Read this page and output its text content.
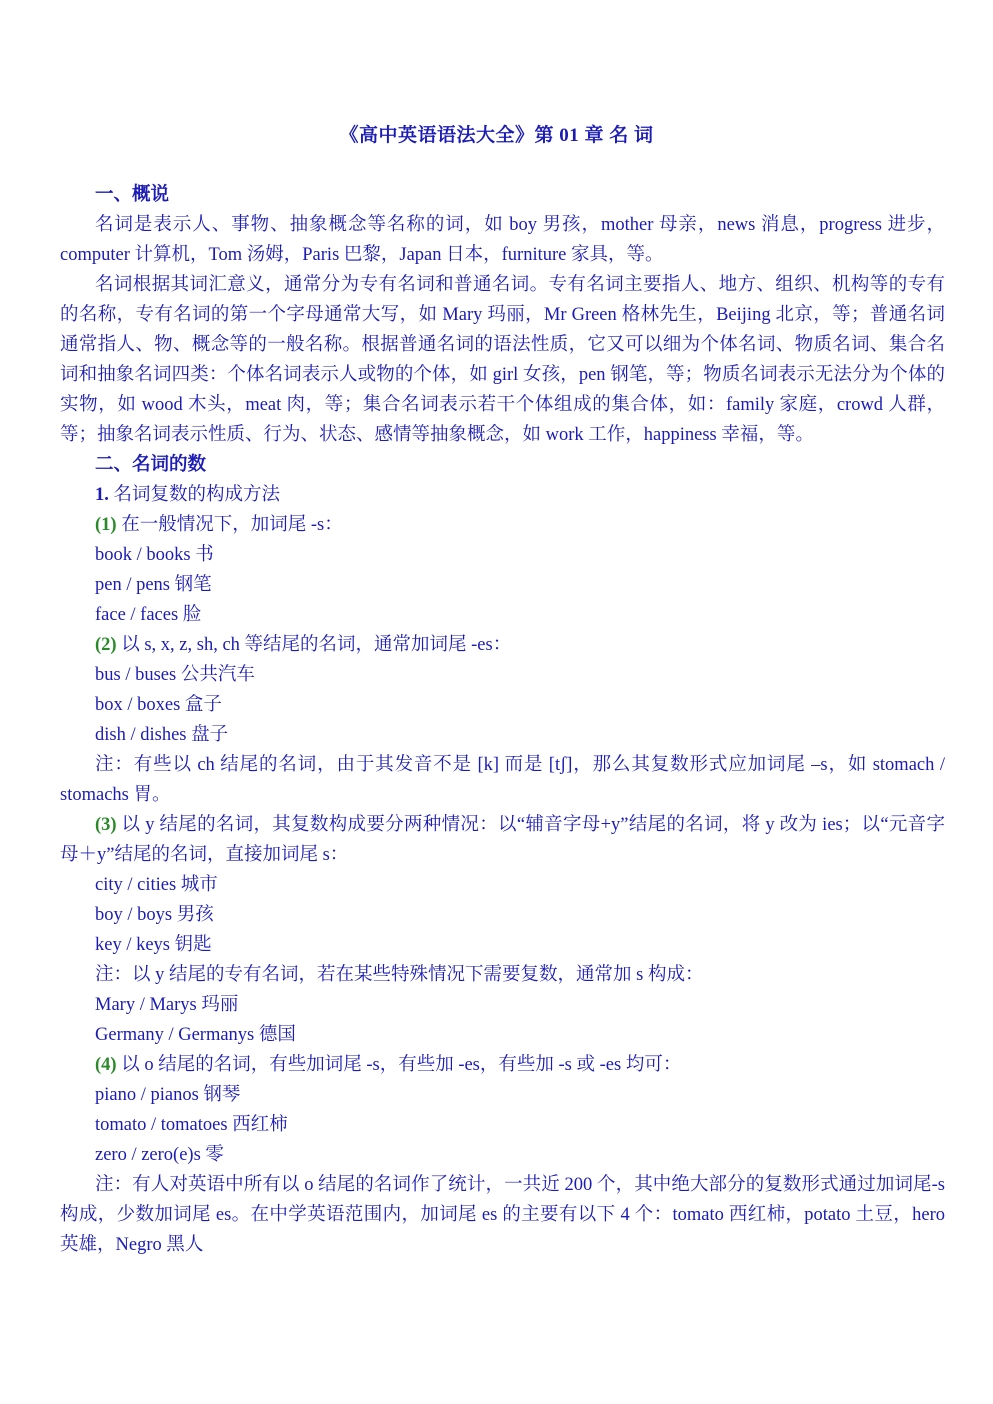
《高中英语语法大全》第 01 章 名 词
一、概说

名词是表示人、事物、抽象概念等名称的词，如 boy 男孩，mother 母亲，news 消息，progress 进步，computer 计算机，Tom 汤姆，Paris 巴黎，Japan 日本，furniture 家具，等。

名词根据其词汇意义，通常分为专有名词和普通名词。专有名词主要指人、地方、组织、机构等的专有的名称，专有名词的第一个字母通常大写，如 Mary 玛丽，Mr Green 格林先生，Beijing 北京，等；普通名词通常指人、物、概念等的一般名称。根据普通名词的语法性质，它又可以细为个体名词、物质名词、集合名词和抽象名词四类：个体名词表示人或物的个体，如 girl 女孩，pen 钢笔，等；物质名词表示无法分为个体的实物，如 wood 木头，meat 肉，等；集合名词表示若干个体组成的集合体，如：family 家庭，crowd 人群，等；抽象名词表示性质、行为、状态、感情等抽象概念，如 work 工作，happiness 幸福，等。

二、名词的数
1. 名词复数的构成方法
(1) 在一般情况下，加词尾 -s：
book / books 书
pen / pens 钢笔
face / faces 脸
(2) 以 s, x, z, sh, ch 等结尾的名词，通常加词尾 -es：
bus / buses 公共汽车
box / boxes 盒子
dish / dishes 盘子

注：有些以 ch 结尾的名词，由于其发音不是 [k] 而是 [tʃ]，那么其复数形式应加词尾 –s，如 stomach / stomachs 胃。

(3) 以 y 结尾的名词，其复数构成要分两种情况：以“辅音字母+y”结尾的名词，将 y 改为 ies；以“元音字母＋y”结尾的名词，直接加词尾 s：

city / cities 城市
boy / boys 男孩
key / keys 钥匙
注：以 y 结尾的专有名词，若在某些特殊情况下需要复数，通常加 s 构成：
Mary / Marys 玛丽
Germany / Germanys 德国
(4) 以 o 结尾的名词，有些加词尾 -s，有些加 -es，有些加 -s 或 -es 均可：
piano / pianos 钢琴
tomato / tomatoes 西红柿
zero / zero(e)s 零

注：有人对英语中所有以 o 结尾的名词作了统计，一共近 200 个，其中绝大部分的复数形式通过加词尾-s 构成，少数加词尾 es。在中学英语范围内，加词尾 es 的主要有以下 4 个：tomato 西红柿，potato 土豆，hero 英雄，Negro 黑人
